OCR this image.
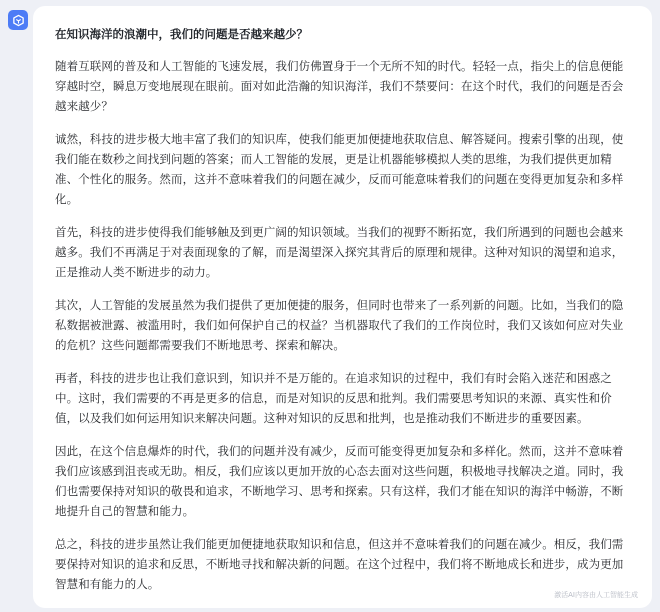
在知识海洋的浪潮中，我们的问题是否越来越少？

随着互联网的普及和人工智能的飞速发展，我们仿佛置身于一个无所不知的时代。轻轻一点，指尖上的信息便能穿越时空，瞬息万变地展现在眼前。面对如此浩瀚的知识海洋，我们不禁要问：在这个时代，我们的问题是否会越来越少？

诚然，科技的进步极大地丰富了我们的知识库，使我们能更加便捷地获取信息、解答疑问。搜索引擎的出现，使我们能在数秒之间找到问题的答案；而人工智能的发展，更是让机器能够模拟人类的思维，为我们提供更加精准、个性化的服务。然而，这并不意味着我们的问题在减少，反而可能意味着我们的问题在变得更加复杂和多样化。

首先，科技的进步使得我们能够触及到更广阔的知识领域。当我们的视野不断拓宽，我们所遇到的问题也会越来越多。我们不再满足于对表面现象的了解，而是渴望深入探究其背后的原理和规律。这种对知识的渴望和追求，正是推动人类不断进步的动力。

其次，人工智能的发展虽然为我们提供了更加便捷的服务，但同时也带来了一系列新的问题。比如，当我们的隐私数据被泄露、被滥用时，我们如何保护自己的权益？当机器取代了我们的工作岗位时，我们又该如何应对失业的危机？这些问题都需要我们不断地思考、探索和解决。

再者，科技的进步也让我们意识到，知识并不是万能的。在追求知识的过程中，我们有时会陷入迷茫和困惑之中。这时，我们需要的不再是更多的信息，而是对知识的反思和批判。我们需要思考知识的来源、真实性和价值，以及我们如何运用知识来解决问题。这种对知识的反思和批判，也是推动我们不断进步的重要因素。

因此，在这个信息爆炸的时代，我们的问题并没有减少，反而可能变得更加复杂和多样化。然而，这并不意味着我们应该感到沮丧或无助。相反，我们应该以更加开放的心态去面对这些问题，积极地寻找解决之道。同时，我们也需要保持对知识的敬畏和追求，不断地学习、思考和探索。只有这样，我们才能在知识的海洋中畅游，不断地提升自己的智慧和能力。

总之，科技的进步虽然让我们能更加便捷地获取知识和信息，但这并不意味着我们的问题在减少。相反，我们需要保持对知识的追求和反思，不断地寻找和解决新的问题。在这个过程中，我们将不断地成长和进步，成为更加智慧和有能力的人。

激活AI内容由人工智能生成
